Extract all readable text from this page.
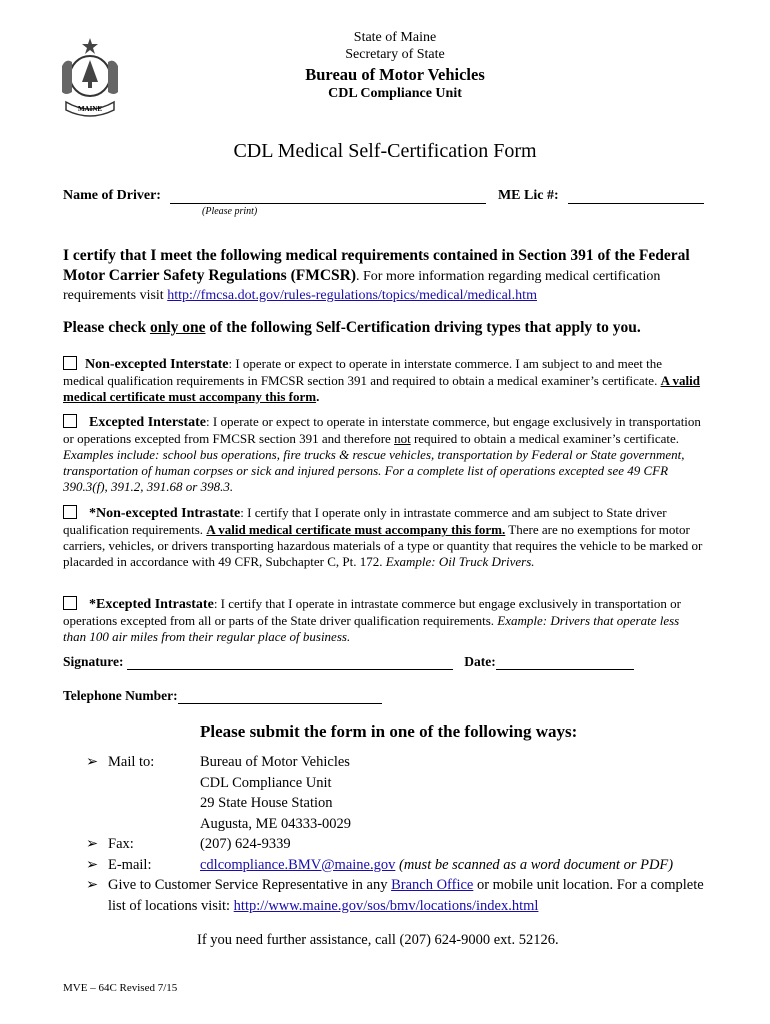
MAINE
State of Maine
Secretary of State
Bureau of Motor Vehicles
CDL Compliance Unit
CDL Medical Self-Certification Form
Name of Driver:	ME Lic #:
(Please print)
I certify that I meet the following medical requirements contained in Section 391 of the Federal Motor Carrier Safety Regulations (FMCSR). For more information regarding medical certification requirements visit http://fmcsa.dot.gov/rules-regulations/topics/medical/medical.htm
Please check only one of the following Self-Certification driving types that apply to you.
Non-excepted Interstate: I operate or expect to operate in interstate commerce. I am subject to and meet the medical qualification requirements in FMCSR section 391 and required to obtain a medical examiner’s certificate. A valid medical certificate must accompany this form.
Excepted Interstate: I operate or expect to operate in interstate commerce, but engage exclusively in transportation or operations excepted from FMCSR section 391 and therefore not required to obtain a medical examiner’s certificate. Examples include: school bus operations, fire trucks & rescue vehicles, transportation by Federal or State government, transportation of human corpses or sick and injured persons. For a complete list of operations excepted see 49 CFR 390.3(f), 391.2, 391.68 or 398.3.
*Non-excepted Intrastate: I certify that I operate only in intrastate commerce and am subject to State driver qualification requirements. A valid medical certificate must accompany this form. There are no exemptions for motor carriers, vehicles, or drivers transporting hazardous materials of a type or quantity that requires the vehicle to be marked or placarded in accordance with 49 CFR, Subchapter C, Pt. 172. Example: Oil Truck Drivers.
*Excepted Intrastate: I certify that I operate in intrastate commerce but engage exclusively in transportation or operations excepted from all or parts of the State driver qualification requirements. Example: Drivers that operate less than 100 air miles from their regular place of business.
Signature:	Date:
Telephone Number:
Please submit the form in one of the following ways:
➢	Mail to:	Bureau of Motor Vehicles
CDL Compliance Unit
29 State House Station
Augusta, ME 04333-0029

➢	Fax:	(207) 624-9339
➢	E-mail:	cdlcompliance.BMV@maine.gov (must be scanned as a word document or PDF)
➢	Give to Customer Service Representative in any Branch Office or mobile unit location. For a complete list of locations visit: http://www.maine.gov/sos/bmv/locations/index.html	
If you need further assistance, call (207) 624-9000 ext. 52126.
MVE – 64C Revised 7/15
